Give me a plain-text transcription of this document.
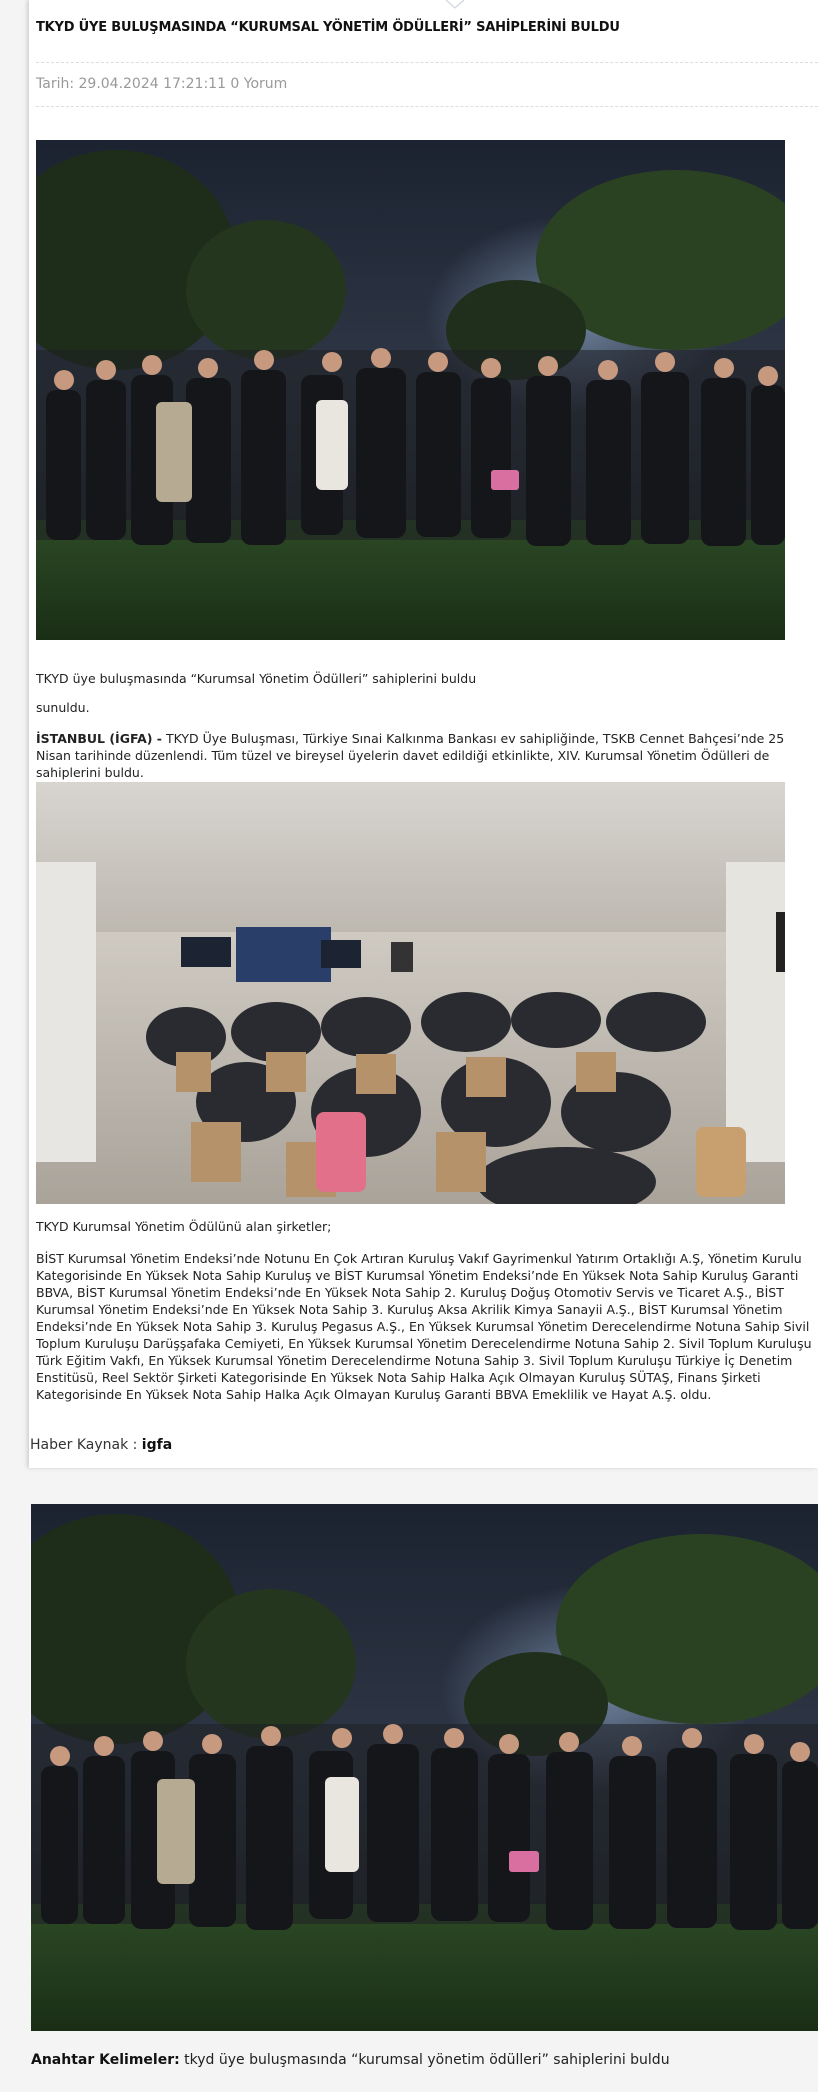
TKYD ÜYE BULUŞMASINDA “KURUMSAL YÖNETİM ÖDÜLLERİ” SAHİPLERİNİ BULDU
Tarih: 29.04.2024 17:21:11 0 Yorum

TKYD üye buluşmasında “Kurumsal Yönetim Ödülleri” sahiplerini buldu

sunuldu.

İSTANBUL (İGFA) - TKYD Üye Buluşması, Türkiye Sınai Kalkınma Bankası ev sahipliğinde, TSKB Cennet Bahçesi’nde 25 Nisan tarihinde düzenlendi. Tüm tüzel ve bireysel üyelerin davet edildiği etkinlikte, XIV. Kurumsal Yönetim Ödülleri de sahiplerini buldu.

TKYD Kurumsal Yönetim Ödülünü alan şirketler;

BİST Kurumsal Yönetim Endeksi’nde Notunu En Çok Artıran Kuruluş Vakıf Gayrimenkul Yatırım Ortaklığı A.Ş, Yönetim Kurulu Kategorisinde En Yüksek Nota Sahip Kuruluş ve BİST Kurumsal Yönetim Endeksi’nde En Yüksek Nota Sahip Kuruluş Garanti BBVA, BİST Kurumsal Yönetim Endeksi’nde En Yüksek Nota Sahip 2. Kuruluş Doğuş Otomotiv Servis ve Ticaret A.Ş., BİST Kurumsal Yönetim Endeksi’nde En Yüksek Nota Sahip 3. Kuruluş Aksa Akrilik Kimya Sanayii A.Ş., BİST Kurumsal Yönetim Endeksi’nde En Yüksek Nota Sahip 3. Kuruluş Pegasus A.Ş., En Yüksek Kurumsal Yönetim Derecelendirme Notuna Sahip Sivil Toplum Kuruluşu Darüşşafaka Cemiyeti, En Yüksek Kurumsal Yönetim Derecelendirme Notuna Sahip 2. Sivil Toplum Kuruluşu Türk Eğitim Vakfı, En Yüksek Kurumsal Yönetim Derecelendirme Notuna Sahip 3. Sivil Toplum Kuruluşu Türkiye İç Denetim Enstitüsü, Reel Sektör Şirketi Kategorisinde En Yüksek Nota Sahip Halka Açık Olmayan Kuruluş SÜTAŞ, Finans Şirketi Kategorisinde En Yüksek Nota Sahip Halka Açık Olmayan Kuruluş Garanti BBVA Emeklilik ve Hayat A.Ş. oldu.

Haber Kaynak : igfa
Anahtar Kelimeler: tkyd üye buluşmasında “kurumsal yönetim ödülleri” sahiplerini buldu
